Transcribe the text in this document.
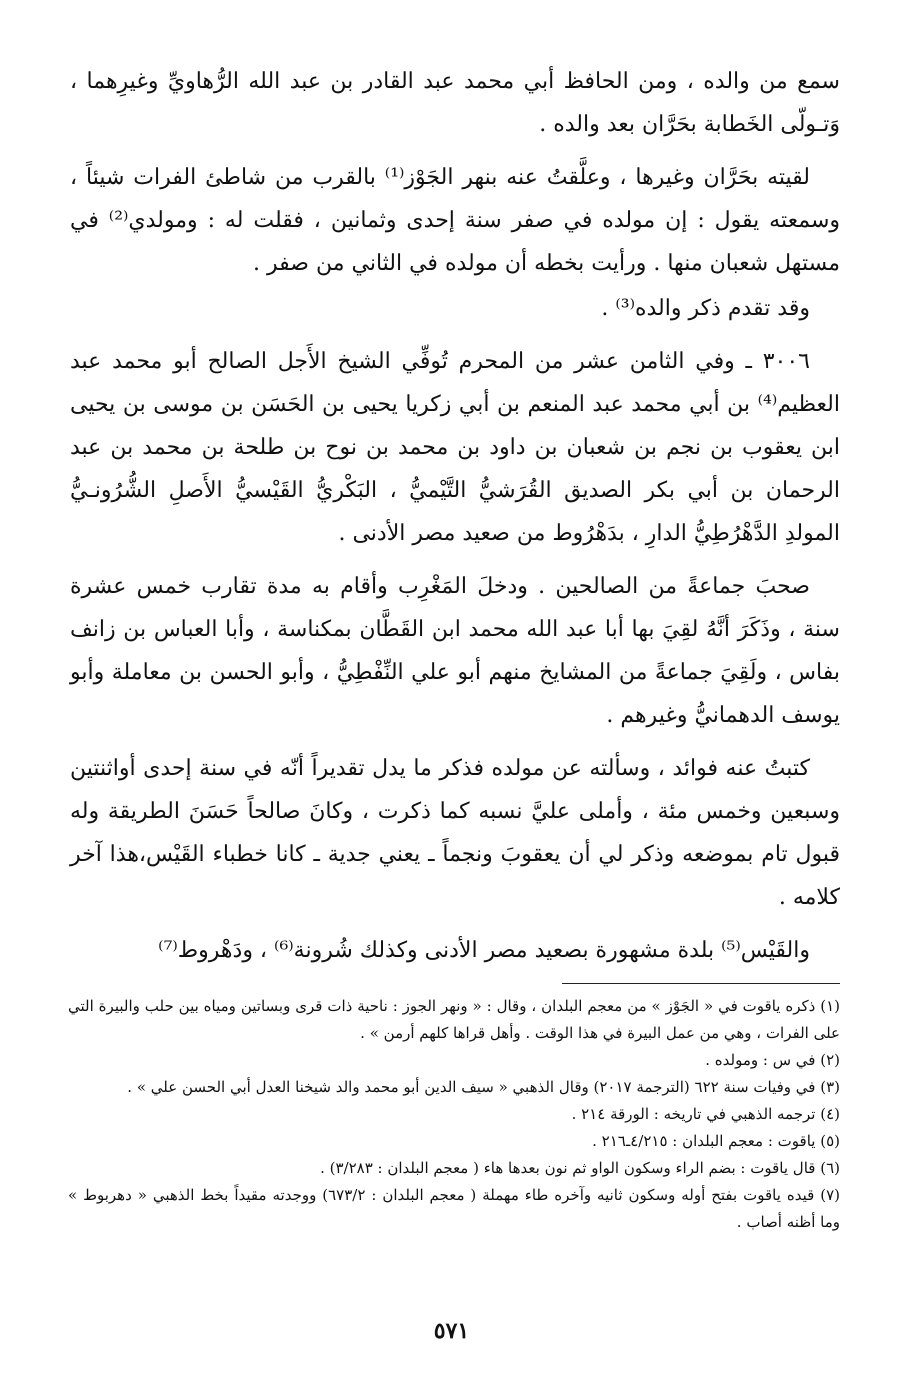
سمع من والده ، ومن الحافظ أبي محمد عبد القادر بن عبد الله الرُّهاويِّ وغيرِهما ، وَتـولّى الخَطابة بحَرَّان بعد والده .

لقيته بحَرَّان وغيرها ، وعلَّقتُ عنه بنهر الجَوْز⁽¹⁾ بالقرب من شاطئ الفرات شيئاً ، وسمعته يقول : إن مولده في صفر سنة إحدى وثمانين ، فقلت له : ومولدي⁽²⁾ في مستهل شعبان منها . ورأيت بخطه أن مولده في الثاني من صفر .

وقد تقدم ذكر والده⁽³⁾ .

٣٠٠٦ ـ وفي الثامن عشر من المحرم تُوفِّي الشيخ الأَجل الصالح أبو محمد عبد العظيم⁽⁴⁾ بن أبي محمد عبد المنعم بن أبي زكريا يحيى بن الحَسَن بن موسى بن يحيى ابن يعقوب بن نجم بن شعبان بن داود بن محمد بن نوح بن طلحة بن محمد بن عبد الرحمان بن أبي بكر الصديق القُرَشيُّ التَّيْميُّ ، البَكْريُّ القَيْسيُّ الأَصلِ الشُّرُونـيُّ المولدِ الدَّهْرُطِيُّ الدارِ ، بدَهْرُوط من صعيد مصر الأدنى .

صحبَ جماعةً من الصالحين . ودخلَ المَغْرِب وأقام به مدة تقارب خمس عشرة سنة ، وذَكَرَ أنَّهُ لقِيَ بها أبا عبد الله محمد ابن القَطَّان بمكناسة ، وأبا العباس بن زانف بفاس ، ولَقِيَ جماعةً من المشايخ منهم أبو علي النِّفْطِيُّ ، وأبو الحسن بن معاملة وأبو يوسف الدهمانيُّ وغيرهم .

كتبتُ عنه فوائد ، وسألته عن مولده فذكر ما يدل تقديراً أنّه في سنة إحدى أواثنتين وسبعين وخمس مئة ، وأملى عليَّ نسبه كما ذكرت ، وكانَ صالحاً حَسَنَ الطريقة وله قبول تام بموضعه وذكر لي أن يعقوبَ ونجماً ـ يعني جدية ـ كانا خطباء القَيْس،هذا آخر كلامه .

والقَيْس⁽⁵⁾ بلدة مشهورة بصعيد مصر الأدنى وكذلك شُرونة⁽⁶⁾ ، ودَهْروط⁽⁷⁾

(١) ذكره ياقوت في « الجَوْز » من معجم البلدان ، وقال : « ونهر الجوز : ناحية ذات قرى وبساتين ومياه بين حلب والبيرة التي على الفرات ، وهي من عمل البيرة في هذا الوقت . وأهل قراها كلهم أرمن » .

(٢) في س : ومولده .

(٣) في وفيات سنة ٦٢٢ (الترجمة ٢٠١٧) وقال الذهبي « سيف الدين أبو محمد والد شيخنا العدل أبي الحسن علي » .

(٤) ترجمه الذهبي في تاريخه : الورقة ٢١٤ .

(٥) ياقوت : معجم البلدان : ٤/٢١٥ـ٢١٦ .

(٦) قال ياقوت : بضم الراء وسكون الواو ثم نون بعدها هاء ( معجم البلدان : ٣/٢٨٣) .

(٧) قيده ياقوت بفتح أوله وسكون ثانيه وآخره طاء مهملة ( معجم البلدان : ٦٧٣/٢) ووجدته مقيداً بخط الذهبي « دهربوط » وما أظنه أصاب .

٥٧١
